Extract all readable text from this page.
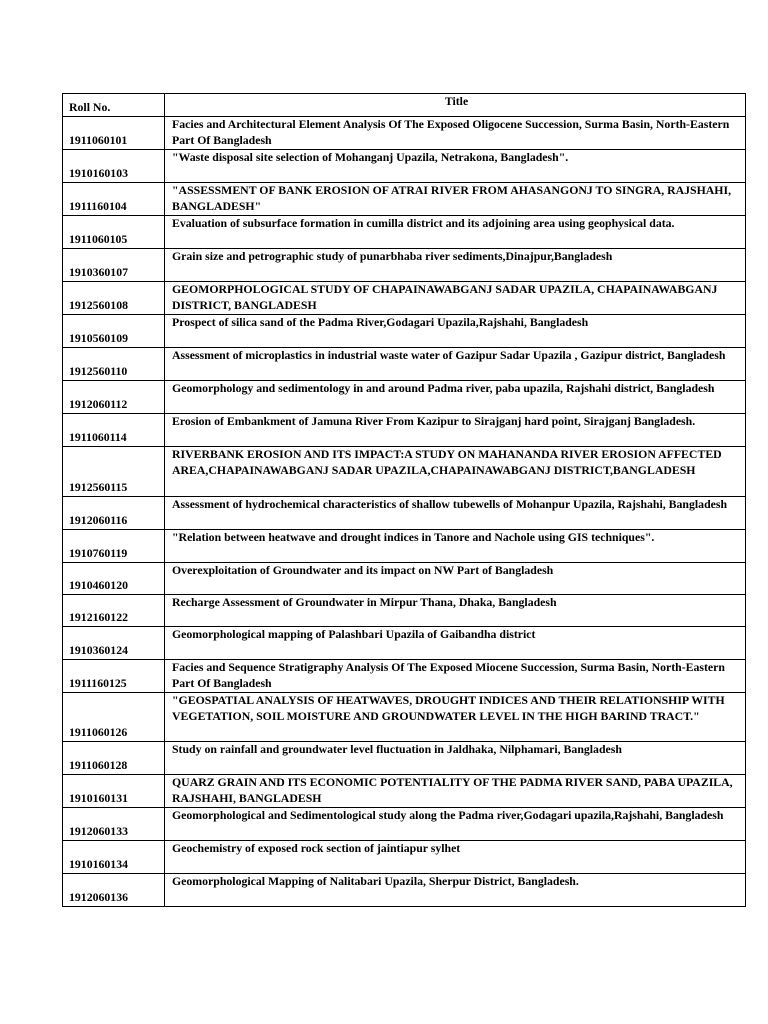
Roll No.	Title
1911060101	Facies and Architectural Element Analysis Of The Exposed Oligocene Succession, Surma Basin, North-Eastern Part Of Bangladesh
1910160103	"Waste disposal site selection of Mohanganj Upazila, Netrakona, Bangladesh".
1911160104	"ASSESSMENT OF BANK EROSION OF ATRAI RIVER FROM AHASANGONJ TO SINGRA, RAJSHAHI, BANGLADESH"
1911060105	Evaluation of subsurface formation in cumilla district and its adjoining area using geophysical data.
1910360107	Grain size and petrographic study of punarbhaba river sediments,Dinajpur,Bangladesh
1912560108	GEOMORPHOLOGICAL STUDY OF CHAPAINAWABGANJ SADAR UPAZILA, CHAPAINAWABGANJ DISTRICT, BANGLADESH
1910560109	Prospect of silica sand of the Padma River,Godagari Upazila,Rajshahi, Bangladesh
1912560110	Assessment of microplastics in industrial waste water of Gazipur Sadar Upazila , Gazipur district, Bangladesh
1912060112	Geomorphology and sedimentology in and around Padma river, paba upazila, Rajshahi district, Bangladesh
1911060114	Erosion of Embankment of Jamuna River From Kazipur to Sirajganj hard point, Sirajganj Bangladesh.
1912560115	RIVERBANK EROSION AND ITS IMPACT:A STUDY ON MAHANANDA RIVER EROSION AFFECTED AREA,CHAPAINAWABGANJ SADAR UPAZILA,CHAPAINAWABGANJ DISTRICT,BANGLADESH
1912060116	Assessment of hydrochemical characteristics of shallow tubewells of Mohanpur Upazila, Rajshahi, Bangladesh
1910760119	"Relation between heatwave and drought indices in Tanore and Nachole using GIS techniques".
1910460120	Overexploitation of Groundwater and its impact on NW Part of Bangladesh
1912160122	Recharge Assessment of Groundwater in Mirpur Thana, Dhaka, Bangladesh
1910360124	Geomorphological mapping of Palashbari Upazila of Gaibandha district
1911160125	Facies and Sequence Stratigraphy Analysis Of The Exposed Miocene Succession, Surma Basin, North-Eastern Part Of Bangladesh
1911060126	"GEOSPATIAL ANALYSIS OF HEATWAVES, DROUGHT INDICES AND THEIR RELATIONSHIP WITH VEGETATION, SOIL MOISTURE AND GROUNDWATER LEVEL IN THE HIGH BARIND TRACT."
1911060128	Study on rainfall and groundwater level fluctuation in Jaldhaka, Nilphamari, Bangladesh
1910160131	QUARZ GRAIN AND ITS ECONOMIC POTENTIALITY OF THE PADMA RIVER SAND, PABA UPAZILA, RAJSHAHI, BANGLADESH
1912060133	Geomorphological and Sedimentological study along the Padma river,Godagari upazila,Rajshahi, Bangladesh
1910160134	Geochemistry of exposed rock section of jaintiapur sylhet
1912060136	Geomorphological Mapping of Nalitabari Upazila, Sherpur District, Bangladesh.
